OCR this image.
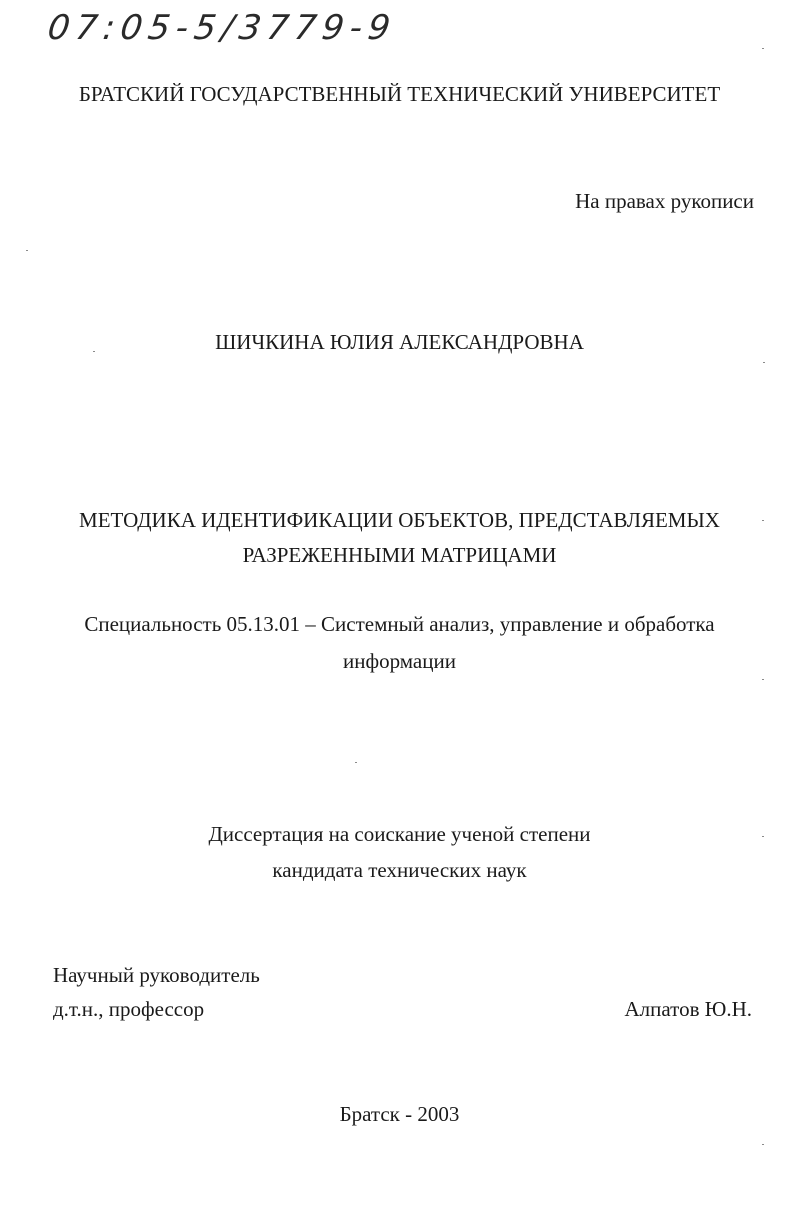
07:05-5/3779-9
БРАТСКИЙ ГОСУДАРСТВЕННЫЙ ТЕХНИЧЕСКИЙ УНИВЕРСИТЕТ
На правах рукописи
ШИЧКИНА ЮЛИЯ АЛЕКСАНДРОВНА
МЕТОДИКА ИДЕНТИФИКАЦИИ ОБЪЕКТОВ, ПРЕДСТАВЛЯЕМЫХ
РАЗРЕЖЕННЫМИ МАТРИЦАМИ
Специальность 05.13.01 – Системный анализ, управление и обработка
информации
Диссертация на соискание ученой степени
кандидата технических наук
Научный руководитель
д.т.н., профессор	Алпатов Ю.Н.
Братск - 2003
